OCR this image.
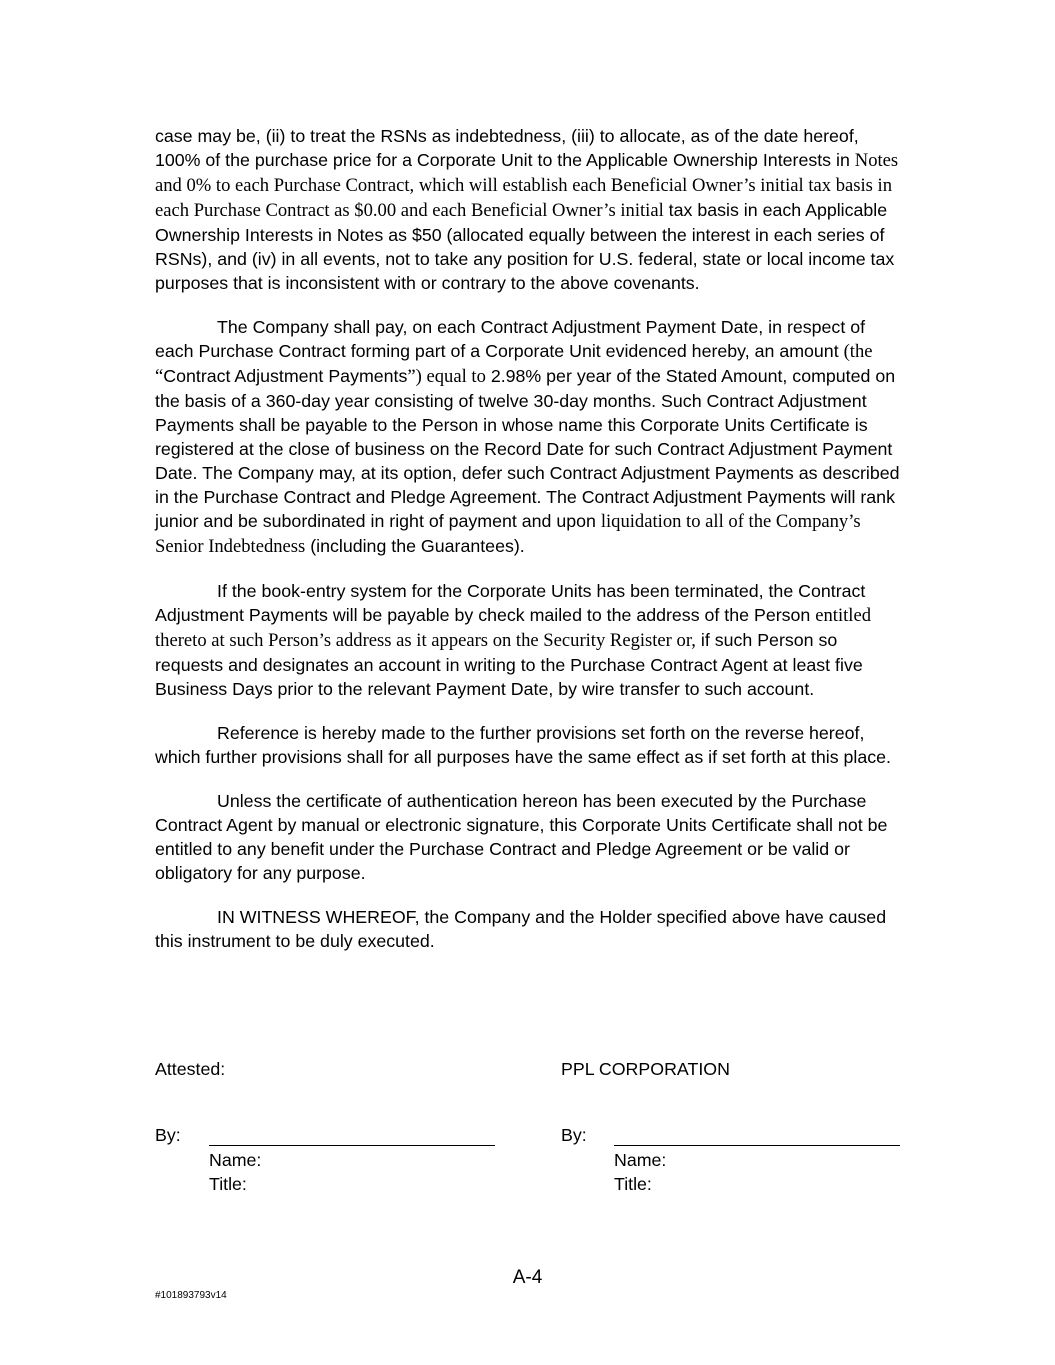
case may be, (ii) to treat the RSNs as indebtedness, (iii) to allocate, as of the date hereof, 100% of the purchase price for a Corporate Unit to the Applicable Ownership Interests in Notes and 0% to each Purchase Contract, which will establish each Beneficial Owner’s initial tax basis in each Purchase Contract as $0.00 and each Beneficial Owner’s initial tax basis in each Applicable Ownership Interests in Notes as $50 (allocated equally between the interest in each series of RSNs), and (iv) in all events, not to take any position for U.S. federal, state or local income tax purposes that is inconsistent with or contrary to the above covenants.

The Company shall pay, on each Contract Adjustment Payment Date, in respect of each Purchase Contract forming part of a Corporate Unit evidenced hereby, an amount (the “Contract Adjustment Payments”) equal to 2.98% per year of the Stated Amount, computed on the basis of a 360-day year consisting of twelve 30-day months. Such Contract Adjustment Payments shall be payable to the Person in whose name this Corporate Units Certificate is registered at the close of business on the Record Date for such Contract Adjustment Payment Date. The Company may, at its option, defer such Contract Adjustment Payments as described in the Purchase Contract and Pledge Agreement. The Contract Adjustment Payments will rank junior and be subordinated in right of payment and upon liquidation to all of the Company’s Senior Indebtedness (including the Guarantees).

If the book-entry system for the Corporate Units has been terminated, the Contract Adjustment Payments will be payable by check mailed to the address of the Person entitled thereto at such Person’s address as it appears on the Security Register or, if such Person so requests and designates an account in writing to the Purchase Contract Agent at least five Business Days prior to the relevant Payment Date, by wire transfer to such account.

Reference is hereby made to the further provisions set forth on the reverse hereof, which further provisions shall for all purposes have the same effect as if set forth at this place.

Unless the certificate of authentication hereon has been executed by the Purchase Contract Agent by manual or electronic signature, this Corporate Units Certificate shall not be entitled to any benefit under the Purchase Contract and Pledge Agreement or be valid or obligatory for any purpose.

IN WITNESS WHEREOF, the Company and the Holder specified above have caused this instrument to be duly executed.

Attested:
By:
Name:
Title:
PPL CORPORATION
By:
Name:
Title:
A-4
#101893793v14
